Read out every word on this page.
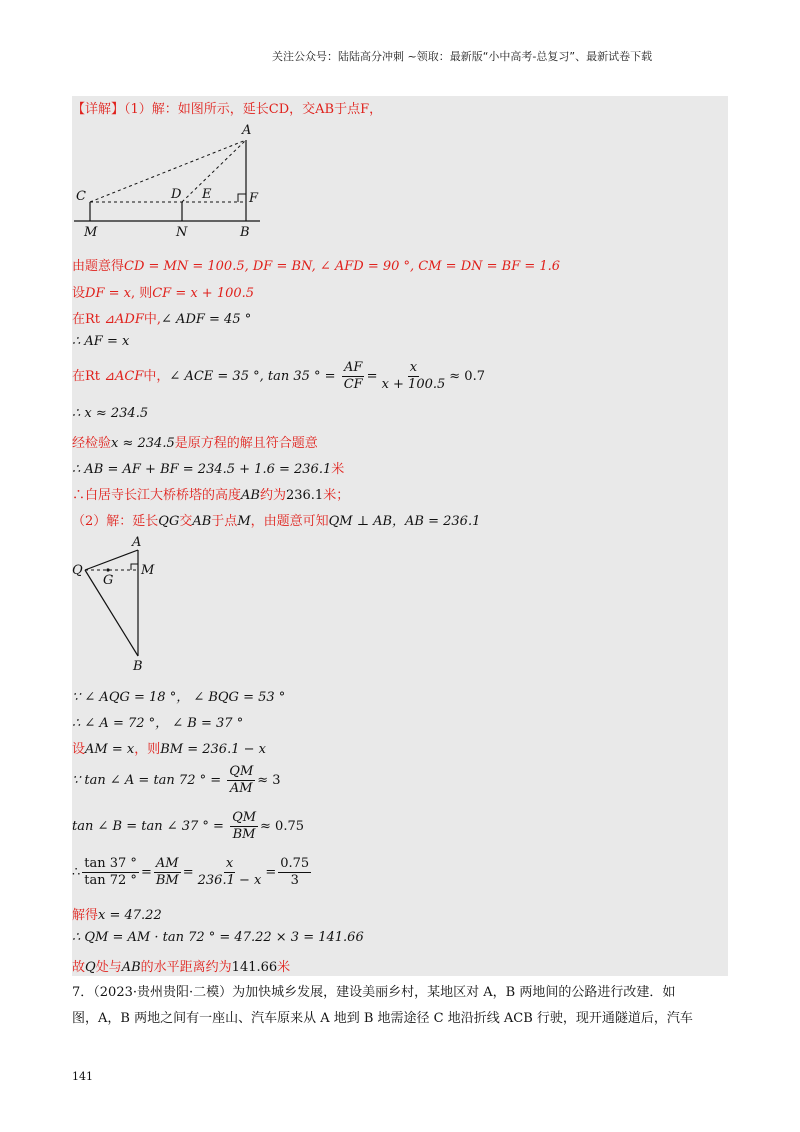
关注公众号：陆陆高分冲刺 ~领取：最新版“小中高考-总复习”、最新试卷下载
【详解】（1）解：如图所示，延长CD，交AB于点F，
A
C	D E	F
M	N	B
由题意得CD = MN = 100.5, DF = BN, ∠ AFD = 90 °, CM = DN = BF = 1.6
设DF = x, 则CF = x + 100.5
在Rt ⊿ADF中,∠ ADF = 45 °
∴ AF = x
在Rt ⊿ACF中，∠ ACE = 35 °, tan 35 ° = $\frac{AF}{CF} = \frac{x}{x + 100.5} \approx 0.7$
∴ x ≈ 234.5
经检验x ≈ 234.5是原方程的解且符合题意
∴ AB = AF + BF = 234.5 + 1.6 = 236.1米
∴白居寺长江大桥桥塔的高度AB约为236.1米；
（2）解：延长QG交AB于点M，由题意可知QM ⊥ AB，AB = 236.1
A
Q
G
M
B
∵ ∠ AQG = 18 °， ∠ BQG = 53 °
∴ ∠ A = 72 °， ∠ B = 37 °
设AM = x，则BM = 236.1 − x
∵ tan ∠ A = tan 72 ° = $\frac{QM}{AM} \approx 3$
tan ∠ B = tan ∠ 37 ° = $\frac{QM}{BM} \approx 0.75$
∴ $\frac{\tan 37 ^\circ}{\tan 72 ^\circ} = \frac{AM}{BM} = \frac{x}{236.1 - x} = \frac{0.75}{3}$
解得x = 47.22
∴ QM = AM · tan 72 ° = 47.22 × 3 = 141.66
故Q处与AB的水平距离约为141.66米
7．（2023·贵州贵阳·二模）为加快城乡发展，建设美丽乡村，某地区对 A，B 两地间的公路进行改建．如
图，A，B 两地之间有一座山、汽车原来从 A 地到 B 地需途径 C 地沿折线 ACB 行驶，现开通隧道后，汽车
141
